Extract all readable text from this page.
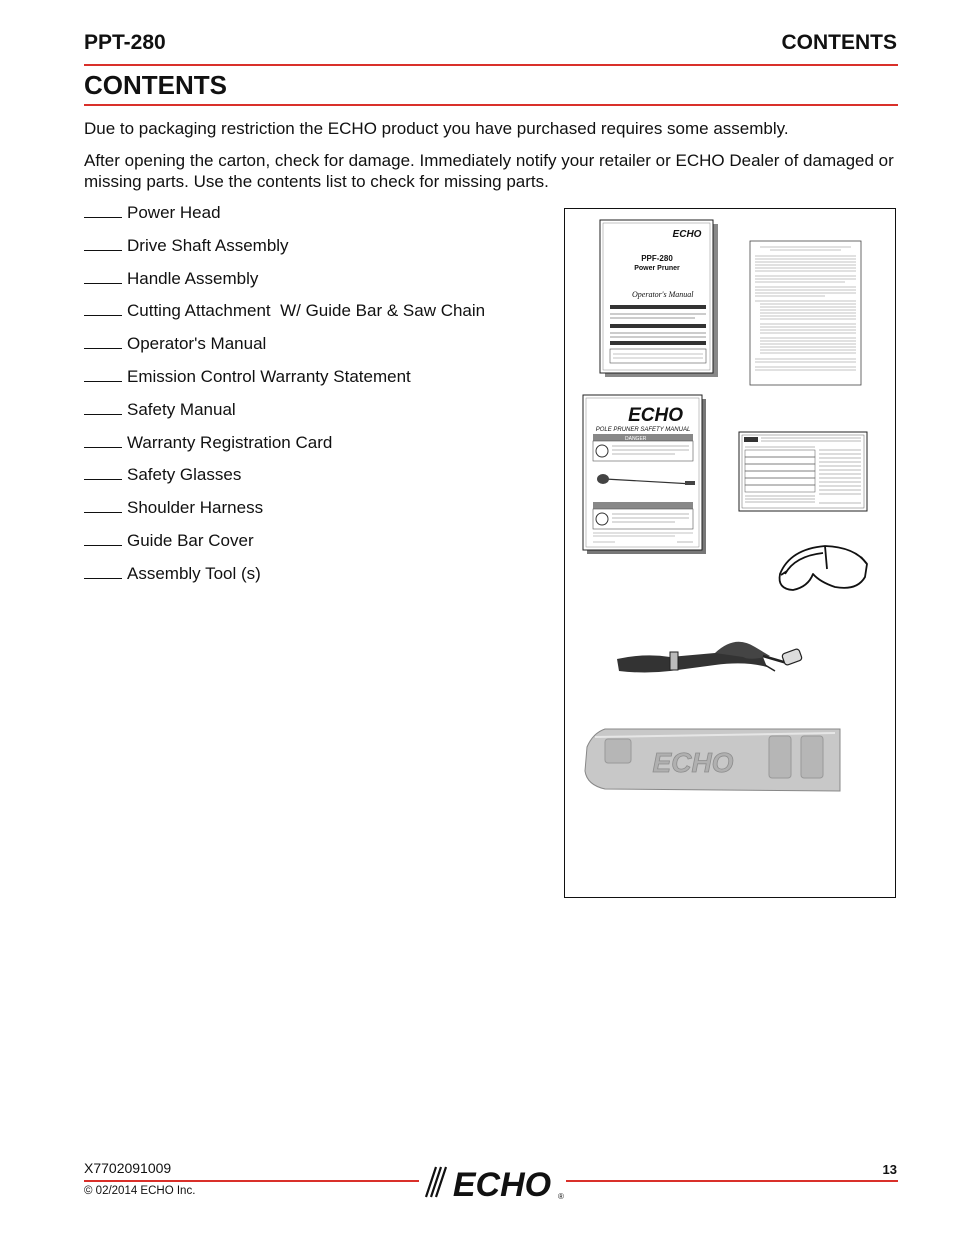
PPT-280	CONTENTS
CONTENTS

Due to packaging restriction the ECHO product you have purchased requires some assembly.

After opening the carton, check for damage. Immediately notify your retailer or ECHO Dealer of damaged or missing parts. Use the contents list to check for missing parts.

Power Head
Drive Shaft Assembly
Handle Assembly
Cutting Attachment  W/ Guide Bar & Saw Chain
Operator's Manual
Emission Control Warranty Statement
Safety Manual
Warranty Registration Card
Safety Glasses
Shoulder Harness
Guide Bar Cover
Assembly Tool (s)
ECHO
PPF-280
Power Pruner
Operator's Manual
ECHO
POLE PRUNER SAFETY MANUAL
DANGER
ECHO
X7702091009
© 02/2014 ECHO Inc.	ECHO ®
13
